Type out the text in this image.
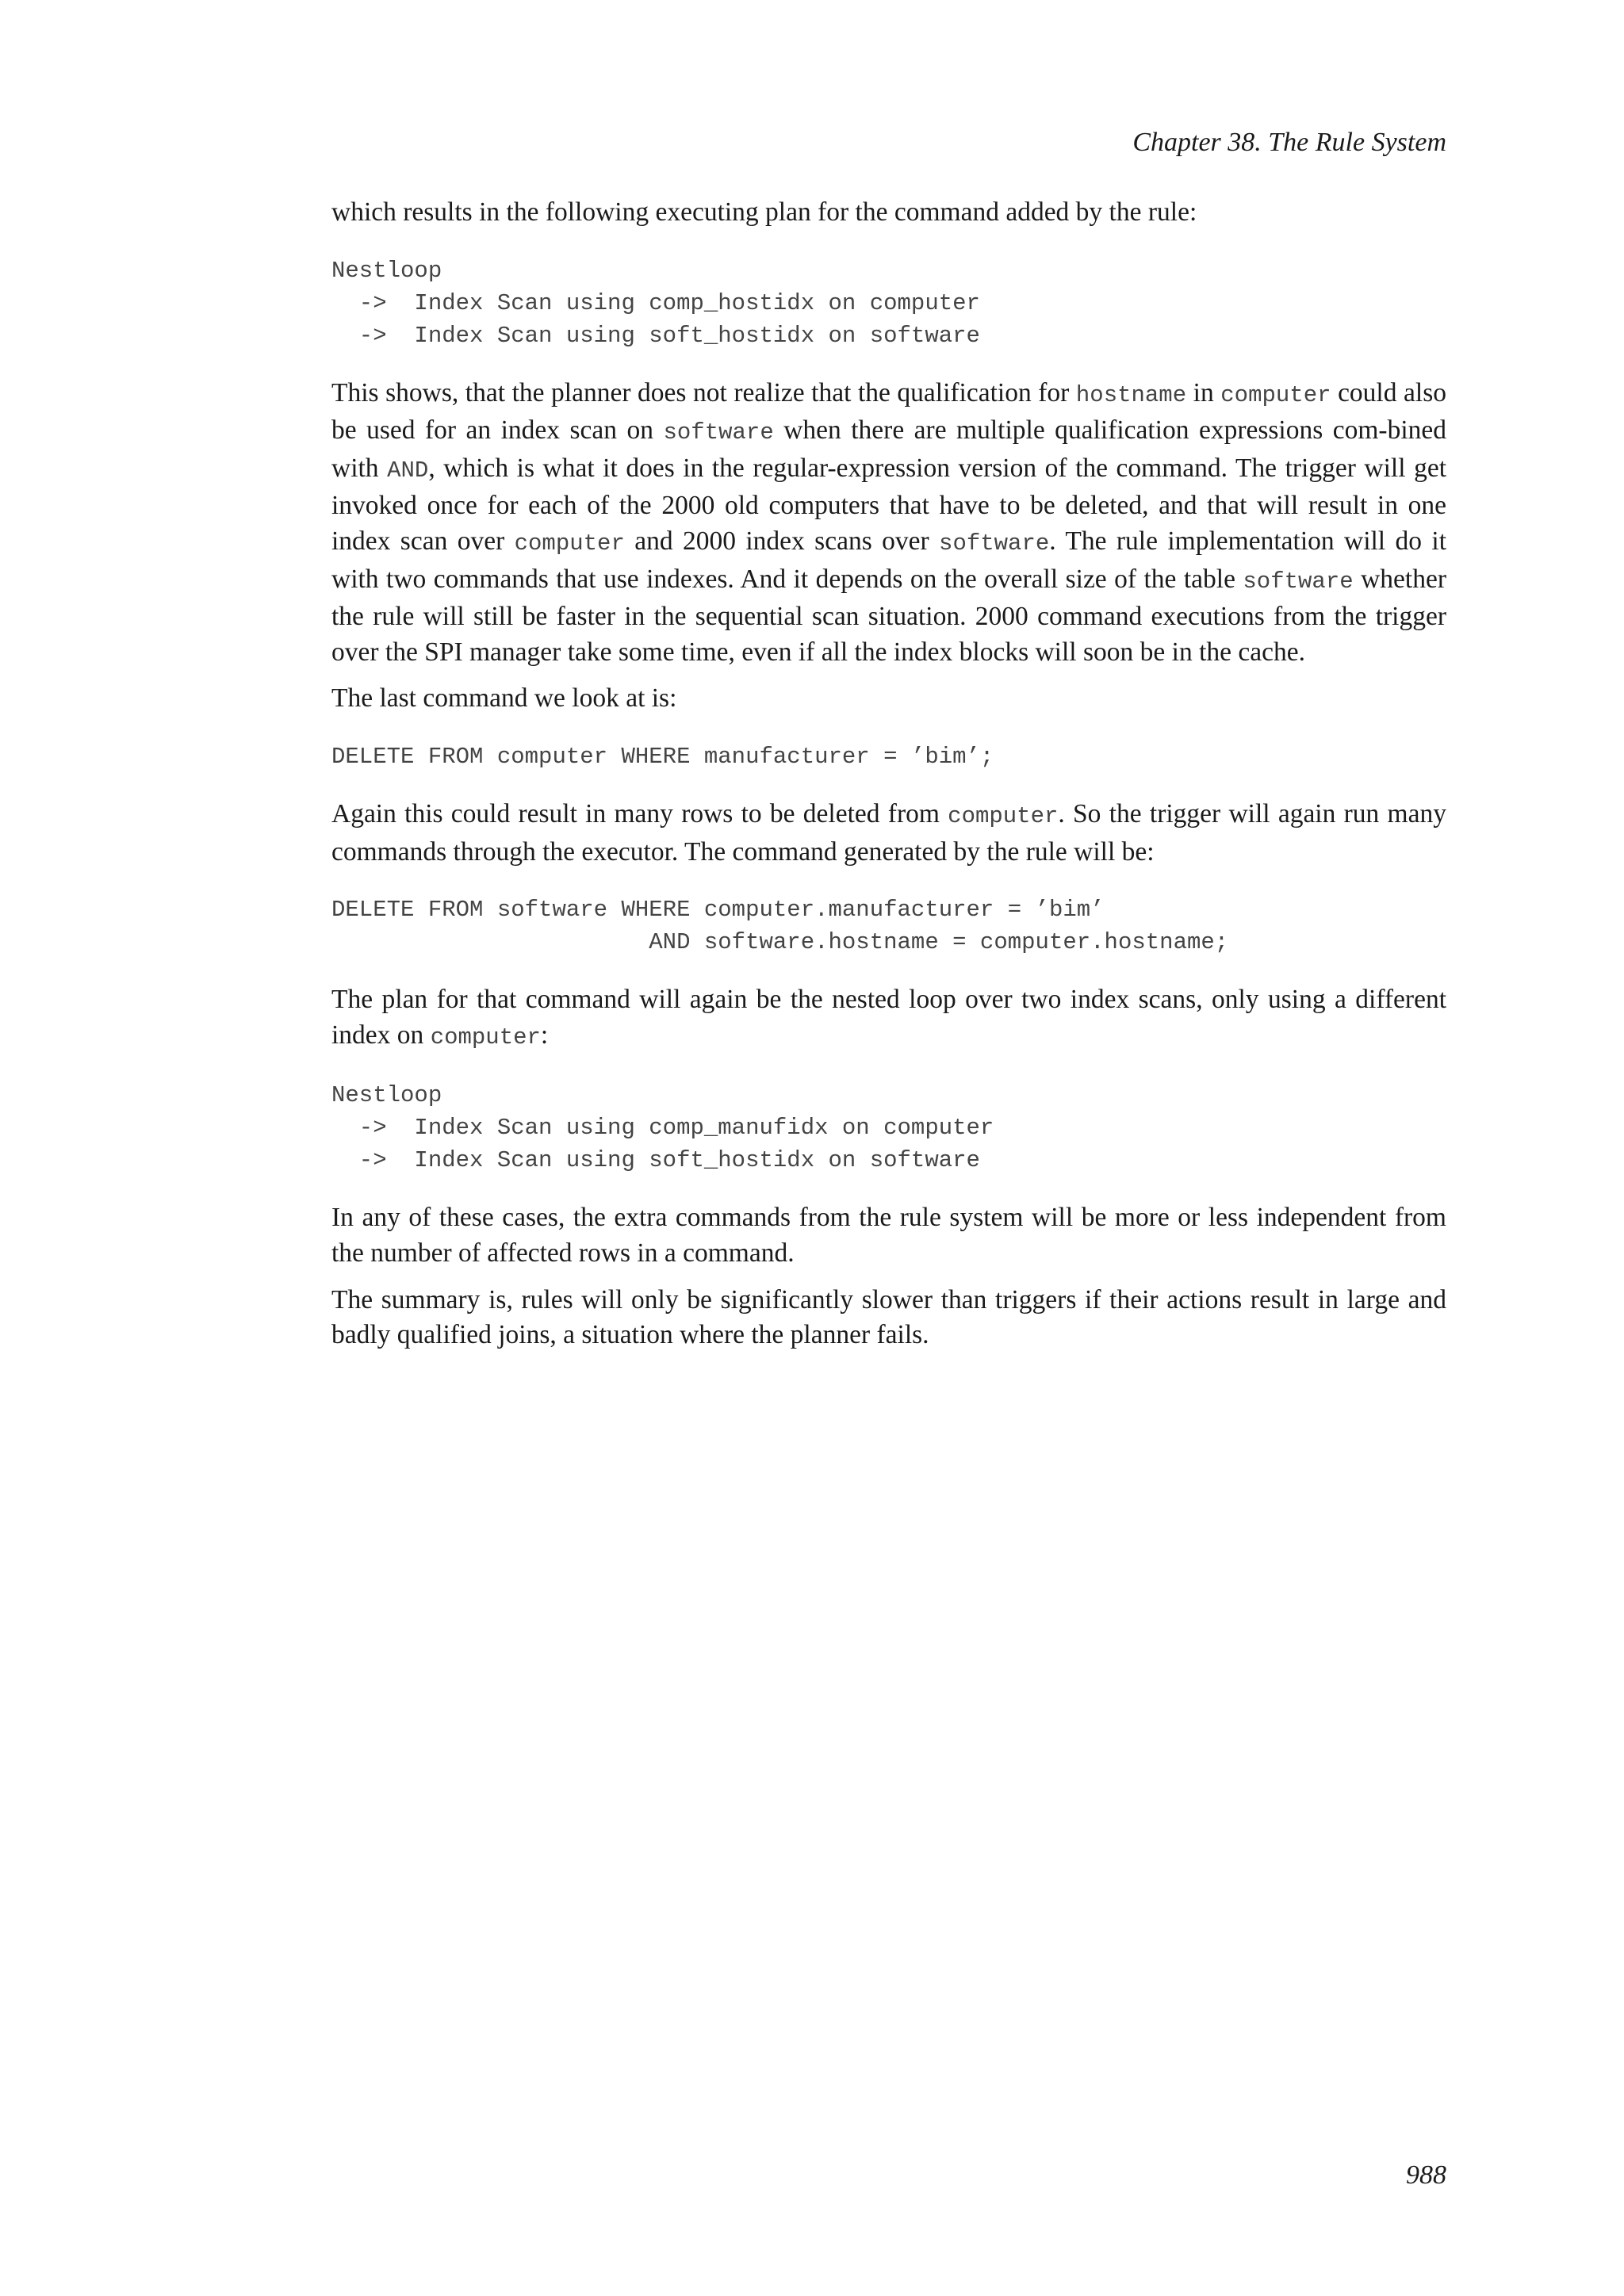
Chapter 38. The Rule System

which results in the following executing plan for the command added by the rule:

Nestloop
->  Index Scan using comp_hostidx on computer
->  Index Scan using soft_hostidx on software

This shows, that the planner does not realize that the qualification for hostname in computer could also be used for an index scan on software when there are multiple qualification expressions com-bined with AND, which is what it does in the regular-expression version of the command. The trigger will get invoked once for each of the 2000 old computers that have to be deleted, and that will result in one index scan over computer and 2000 index scans over software. The rule implementation will do it with two commands that use indexes. And it depends on the overall size of the table software whether the rule will still be faster in the sequential scan situation. 2000 command executions from the trigger over the SPI manager take some time, even if all the index blocks will soon be in the cache.

The last command we look at is:

DELETE FROM computer WHERE manufacturer = ’bim’;

Again this could result in many rows to be deleted from computer. So the trigger will again run many commands through the executor. The command generated by the rule will be:

DELETE FROM software WHERE computer.manufacturer = ’bim’
AND software.hostname = computer.hostname;

The plan for that command will again be the nested loop over two index scans, only using a different index on computer:

Nestloop
->  Index Scan using comp_manufidx on computer
->  Index Scan using soft_hostidx on software

In any of these cases, the extra commands from the rule system will be more or less independent from the number of affected rows in a command.

The summary is, rules will only be significantly slower than triggers if their actions result in large and badly qualified joins, a situation where the planner fails.

988
